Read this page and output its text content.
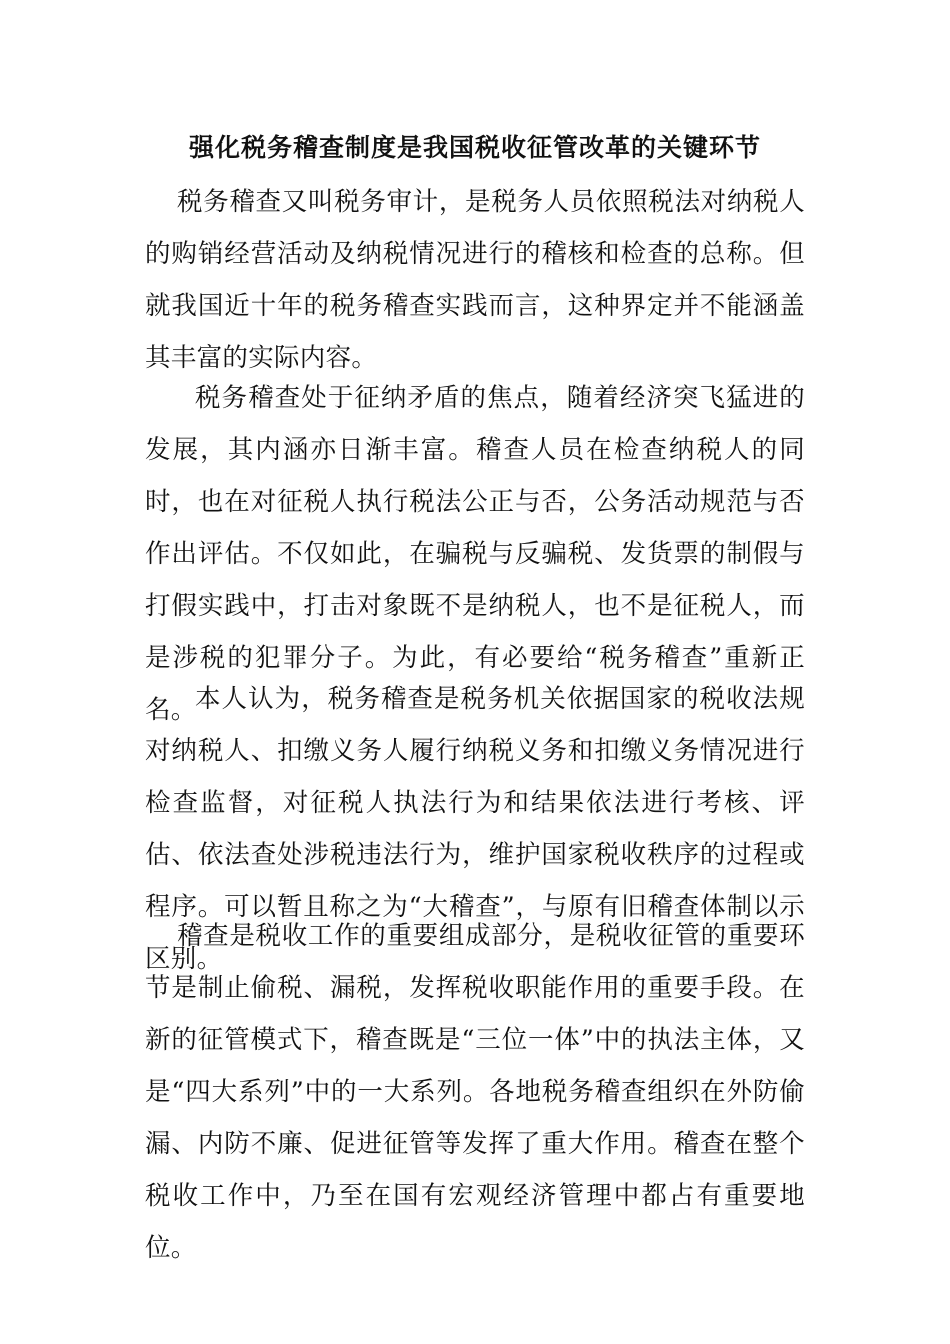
强化税务稽查制度是我国税收征管改革的关键环节

税务稽查又叫税务审计，是税务人员依照税法对纳税人的购销经营活动及纳税情况进行的稽核和检查的总称。但就我国近十年的税务稽查实践而言，这种界定并不能涵盖其丰富的实际内容。

税务稽查处于征纳矛盾的焦点，随着经济突飞猛进的发展，其内涵亦日渐丰富。稽查人员在检查纳税人的同时，也在对征税人执行税法公正与否，公务活动规范与否作出评估。不仅如此，在骗税与反骗税、发货票的制假与打假实践中，打击对象既不是纳税人，也不是征税人，而是涉税的犯罪分子。为此，有必要给“税务稽查”重新正名。

本人认为，税务稽查是税务机关依据国家的税收法规对纳税人、扣缴义务人履行纳税义务和扣缴义务情况进行检查监督，对征税人执法行为和结果依法进行考核、评估、依法查处涉税违法行为，维护国家税收秩序的过程或程序。可以暂且称之为“大稽查”，与原有旧稽查体制以示区别。

稽查是税收工作的重要组成部分，是税收征管的重要环节是制止偷税、漏税，发挥税收职能作用的重要手段。在新的征管模式下，稽查既是“三位一体”中的执法主体，又是“四大系列”中的一大系列。各地税务稽查组织在外防偷漏、内防不廉、促进征管等发挥了重大作用。稽查在整个税收工作中，乃至在国有宏观经济管理中都占有重要地位。
